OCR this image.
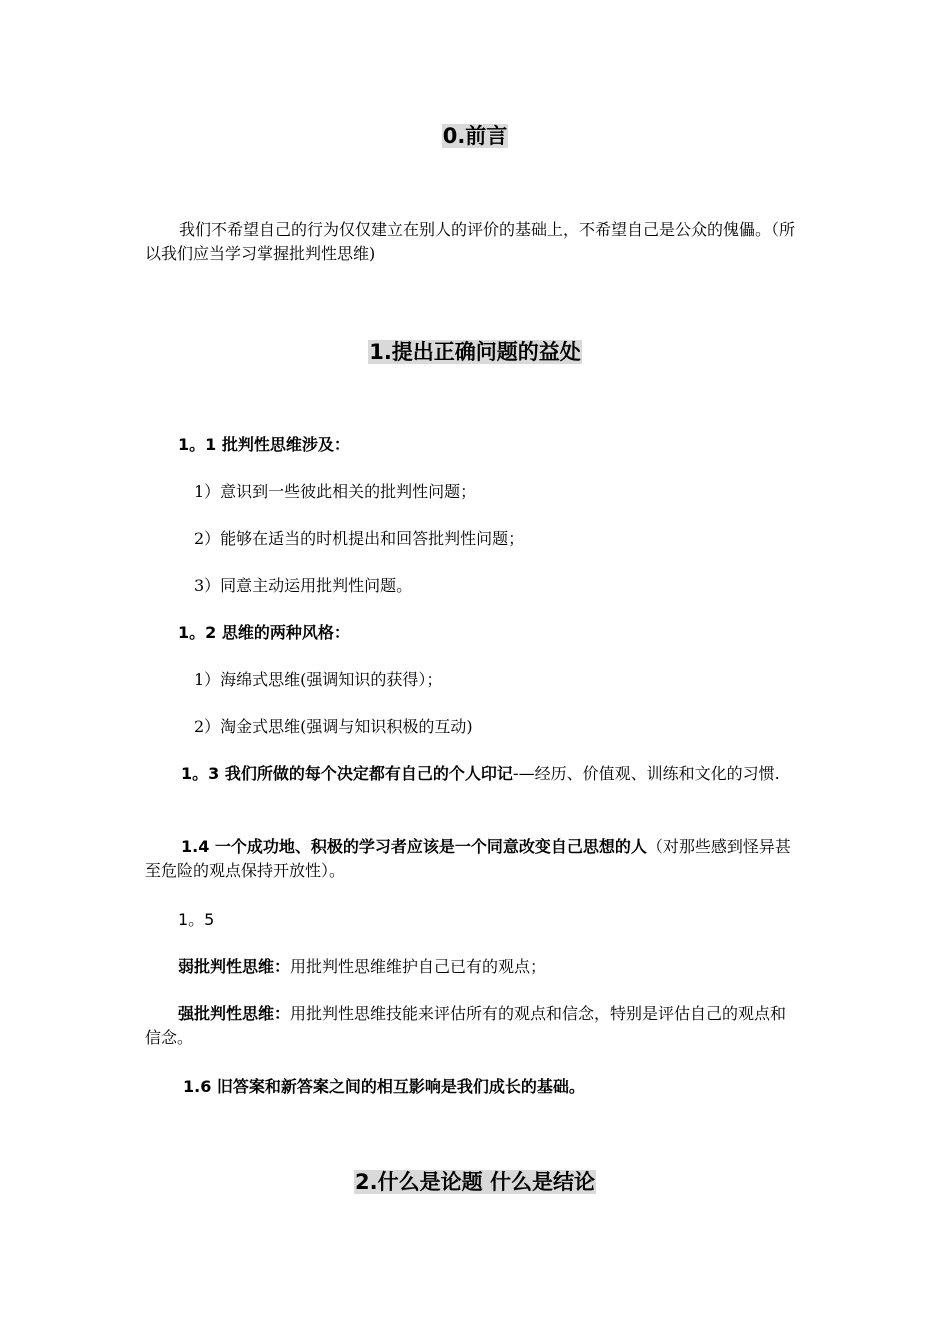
0.前言
我们不希望自己的行为仅仅建立在别人的评价的基础上，不希望自己是公众的傀儡。（所以我们应当学习掌握批判性思维)
1.提出正确问题的益处
1。1 批判性思维涉及：
1）意识到一些彼此相关的批判性问题；
2）能够在适当的时机提出和回答批判性问题；
3）同意主动运用批判性问题。
1。2 思维的两种风格：
1）海绵式思维(强调知识的获得）；
2）淘金式思维(强调与知识积极的互动)
1。3 我们所做的每个决定都有自己的个人印记-—经历、价值观、训练和文化的习惯.
1.4 一个成功地、积极的学习者应该是一个同意改变自己思想的人（对那些感到怪异甚至危险的观点保持开放性）。
1。5
弱批判性思维：用批判性思维维护自己已有的观点；
强批判性思维：用批判性思维技能来评估所有的观点和信念，特别是评估自己的观点和信念。
1.6 旧答案和新答案之间的相互影响是我们成长的基础。
2.什么是论题 什么是结论
